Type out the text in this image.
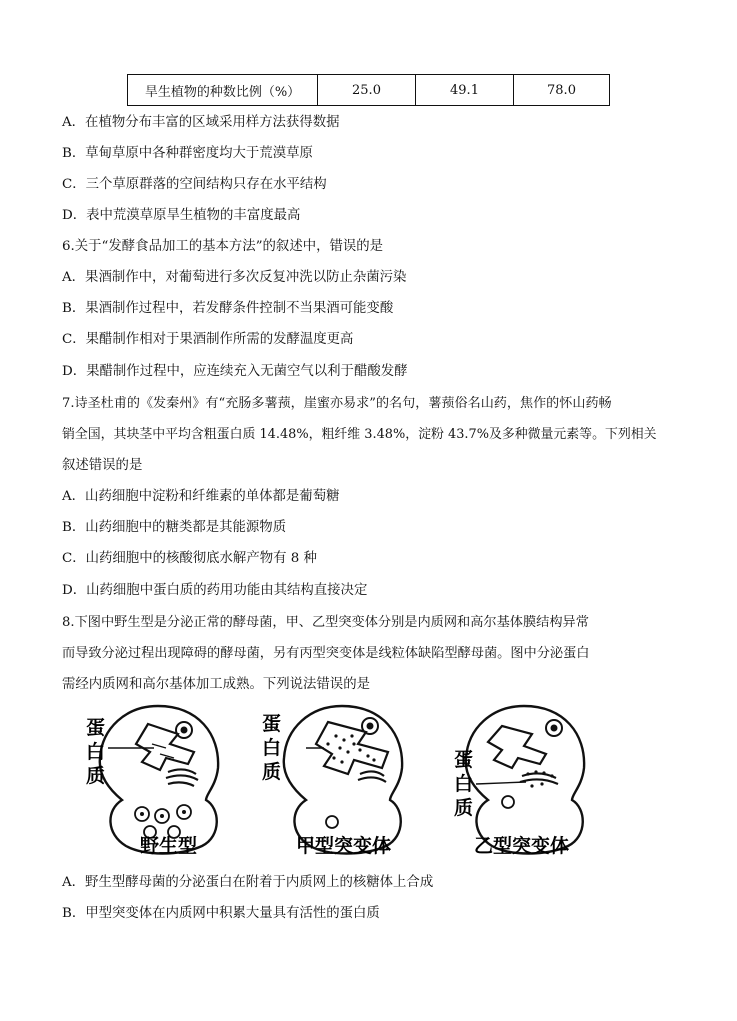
旱生植物的种数比例（%）	25.0	49.1	78.0
A．在植物分布丰富的区域采用样方法获得数据
B．草甸草原中各种群密度均大于荒漠草原
C．三个草原群落的空间结构只存在水平结构
D．表中荒漠草原旱生植物的丰富度最高
6.关于“发酵食品加工的基本方法”的叙述中，错误的是
A．果酒制作中，对葡萄进行多次反复冲洗以防止杂菌污染
B．果酒制作过程中，若发酵条件控制不当果酒可能变酸
C．果醋制作相对于果酒制作所需的发酵温度更高
D．果醋制作过程中，应连续充入无菌空气以利于醋酸发酵
7.诗圣杜甫的《发秦州》有“充肠多薯蓣，崖蜜亦易求”的名句，薯蓣俗名山药，焦作的怀山药畅
销全国，其块茎中平均含粗蛋白质 14.48%，粗纤维 3.48%，淀粉 43.7%及多种微量元素等。下列相关
叙述错误的是
A．山药细胞中淀粉和纤维素的单体都是葡萄糖
B．山药细胞中的糖类都是其能源物质
C．山药细胞中的核酸彻底水解产物有 8 种
D．山药细胞中蛋白质的药用功能由其结构直接决定
8.下图中野生型是分泌正常的酵母菌，甲、乙型突变体分别是内质网和高尔基体膜结构异常
而导致分泌过程出现障碍的酵母菌，另有丙型突变体是线粒体缺陷型酵母菌。图中分泌蛋白
需经内质网和高尔基体加工成熟。下列说法错误的是
蛋
白
质
蛋
白
质
蛋
白
质
野生型	甲型突变体	乙型突变体
A．野生型酵母菌的分泌蛋白在附着于内质网上的核糖体上合成
B．甲型突变体在内质网中积累大量具有活性的蛋白质
